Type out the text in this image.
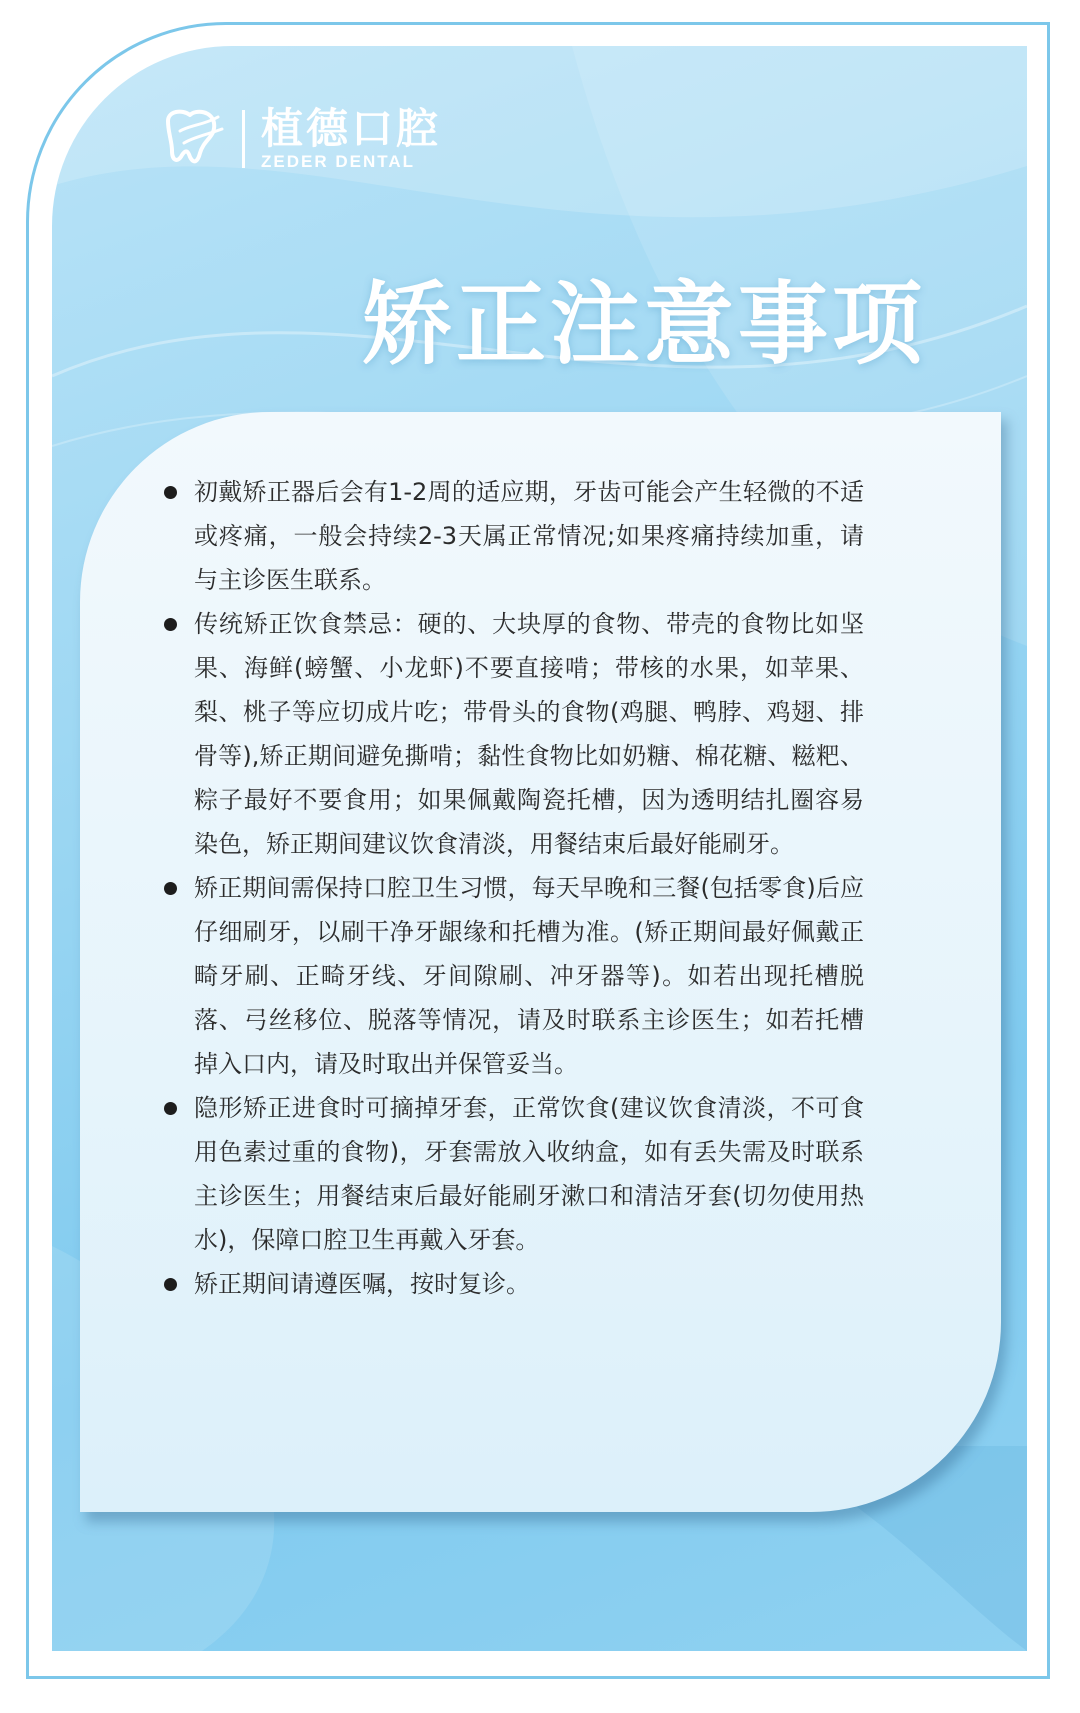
植德口腔
ZEDER DENTAL
矫正注意事项
初戴矫正器后会有1-2周的适应期，牙齿可能会产生轻微的不适或疼痛，一般会持续2-3天属正常情况;如果疼痛持续加重，请与主诊医生联系。
传统矫正饮食禁忌：硬的、大块厚的食物、带壳的食物比如坚果、海鲜(螃蟹、小龙虾)不要直接啃；带核的水果，如苹果、梨、桃子等应切成片吃；带骨头的食物(鸡腿、鸭脖、鸡翅、排骨等),矫正期间避免撕啃；黏性食物比如奶糖、棉花糖、糍粑、粽子最好不要食用；如果佩戴陶瓷托槽，因为透明结扎圈容易染色，矫正期间建议饮食清淡，用餐结束后最好能刷牙。
矫正期间需保持口腔卫生习惯，每天早晚和三餐(包括零食)后应仔细刷牙，以刷干净牙龈缘和托槽为准。(矫正期间最好佩戴正畸牙刷、正畸牙线、牙间隙刷、冲牙器等)。如若出现托槽脱落、弓丝移位、脱落等情况，请及时联系主诊医生；如若托槽掉入口内，请及时取出并保管妥当。
隐形矫正进食时可摘掉牙套，正常饮食(建议饮食清淡，不可食用色素过重的食物)，牙套需放入收纳盒，如有丢失需及时联系主诊医生；用餐结束后最好能刷牙漱口和清洁牙套(切勿使用热水)，保障口腔卫生再戴入牙套。
矫正期间请遵医嘱，按时复诊。
